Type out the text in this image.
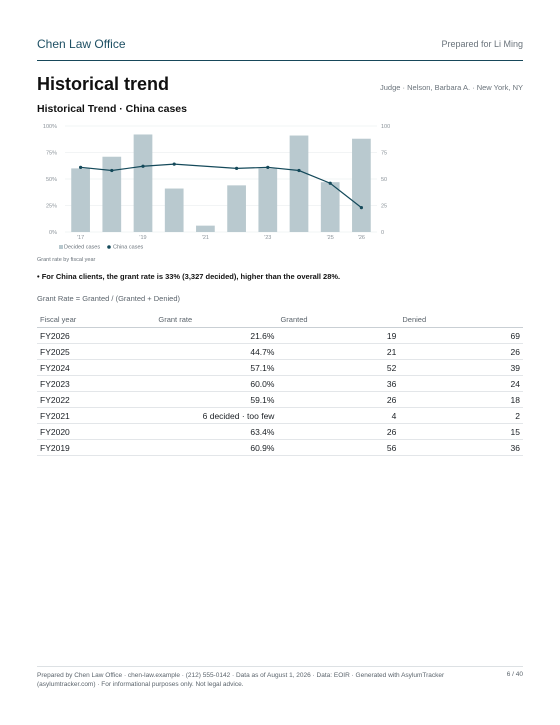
Chen Law Office	Prepared for Li Ming
Historical trend	Judge · Nelson, Barbara A. · New York, NY
Historical Trend · China cases
0%	0
25%	25
50%	50
75%	75
100%	100
'17	'19	'21	'23	'25	'26
Decided cases China cases
Grant rate by fiscal year
• For China clients, the grant rate is 33% (3,327 decided), higher than the overall 28%.
Grant Rate = Granted / (Granted + Denied)
Fiscal year	Grant rate	Granted	Denied
FY2026	21.6%	19	69
FY2025	44.7%	21	26
FY2024	57.1%	52	39
FY2023	60.0%	36	24
FY2022	59.1%	26	18
FY2021	6 decided · too few	4	2
FY2020	63.4%	26	15
FY2019	60.9%	56	36
Prepared by Chen Law Office · chen-law.example · (212) 555-0142 · Data as of August 1, 2026 · Data: EOIR · Generated with AsylumTracker (asylumtracker.com) · For informational purposes only. Not legal advice.
6 / 40
